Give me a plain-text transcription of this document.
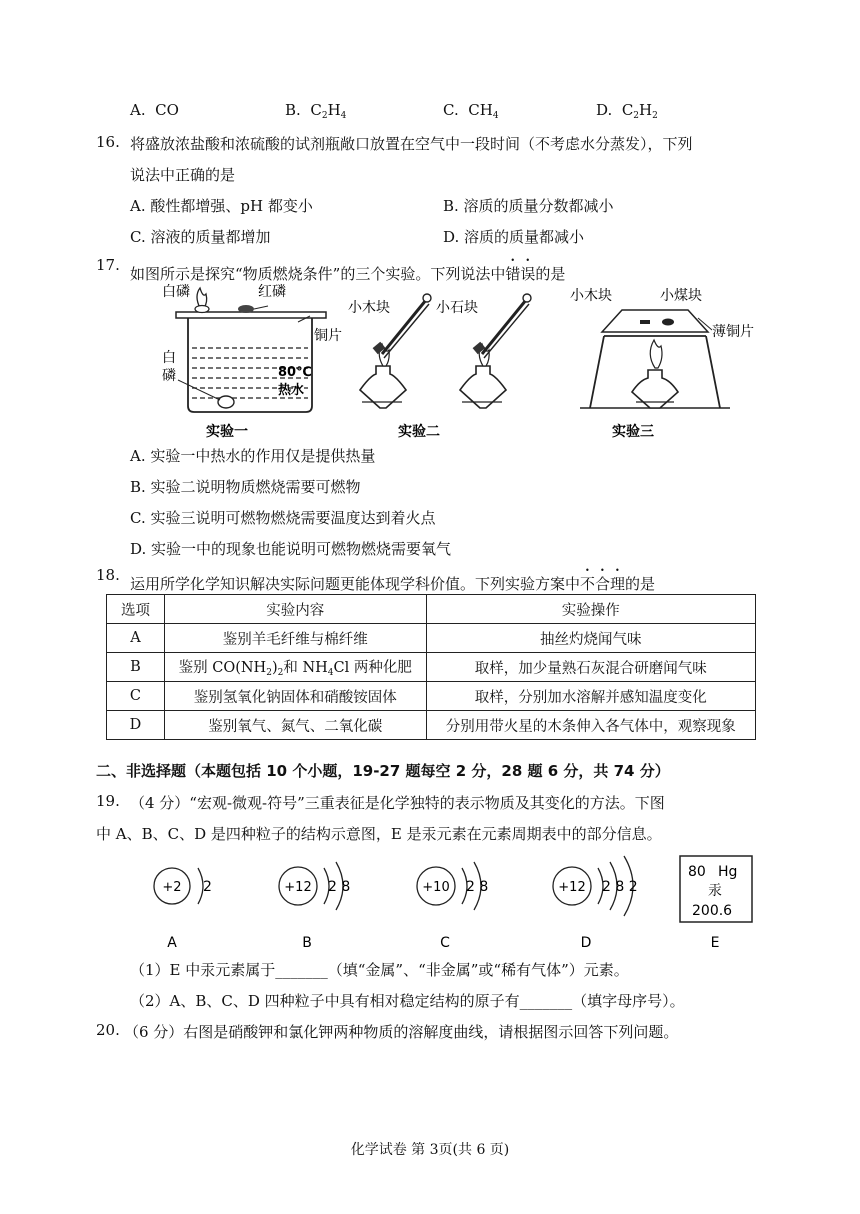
A. CO	B. $C_2H_4$	C. $CH_4$	D. $C_2H_2$
16. 将盛放浓盐酸和浓硫酸的试剂瓶敞口放置在空气中一段时间（不考虑水分蒸发），下列
说法中正确的是
A. 酸性都增强、pH 都变小	B. 溶质的质量分数都减小
C. 溶液的质量都增加	D. 溶质的质量都减小
17. 如图所示是探究“物质燃烧条件”的三个实验。下列说法中错误的是
白磷	红磷
铜片
白
磷	80℃
热水
实验一
小木块	小石块
实验二
小木块	小煤块
薄铜片
实验三
A. 实验一中热水的作用仅是提供热量
B. 实验二说明物质燃烧需要可燃物
C. 实验三说明可燃物燃烧需要温度达到着火点
D. 实验一中的现象也能说明可燃物燃烧需要氧气
18. 运用所学化学知识解决实际问题更能体现学科价值。下列实验方案中不合理的是
选项	实验内容	实验操作
A	鉴别羊毛纤维与棉纤维	抽丝灼烧闻气味
B	鉴别 $CO(NH_2)_2$和 $NH_4Cl$ 两种化肥	取样，加少量熟石灰混合研磨闻气味
C	鉴别氢氧化钠固体和硝酸铵固体	取样，分别加水溶解并感知温度变化
D	鉴别氧气、氮气、二氧化碳	分别用带火星的木条伸入各气体中，观察现象
二、非选择题（本题包括 10 个小题，19-27 题每空 2 分，28 题 6 分，共 74 分）
19. （4 分）“宏观-微观-符号”三重表征是化学独特的表示物质及其变化的方法。下图
中 A、B、C、D 是四种粒子的结构示意图，E 是汞元素在元素周期表中的部分信息。
+2 2
A
+12 2 8
B
+10 2 8
C
+12 2 8 2
D
80 Hg
汞
200.6
E
（1）E 中汞元素属于_______（填“金属”、“非金属”或“稀有气体”）元素。
（2）A、B、C、D 四种粒子中具有相对稳定结构的原子有_______（填字母序号）。
20. （6 分）右图是硝酸钾和氯化钾两种物质的溶解度曲线，请根据图示回答下列问题。
化学试卷 第 3页(共 6 页)
